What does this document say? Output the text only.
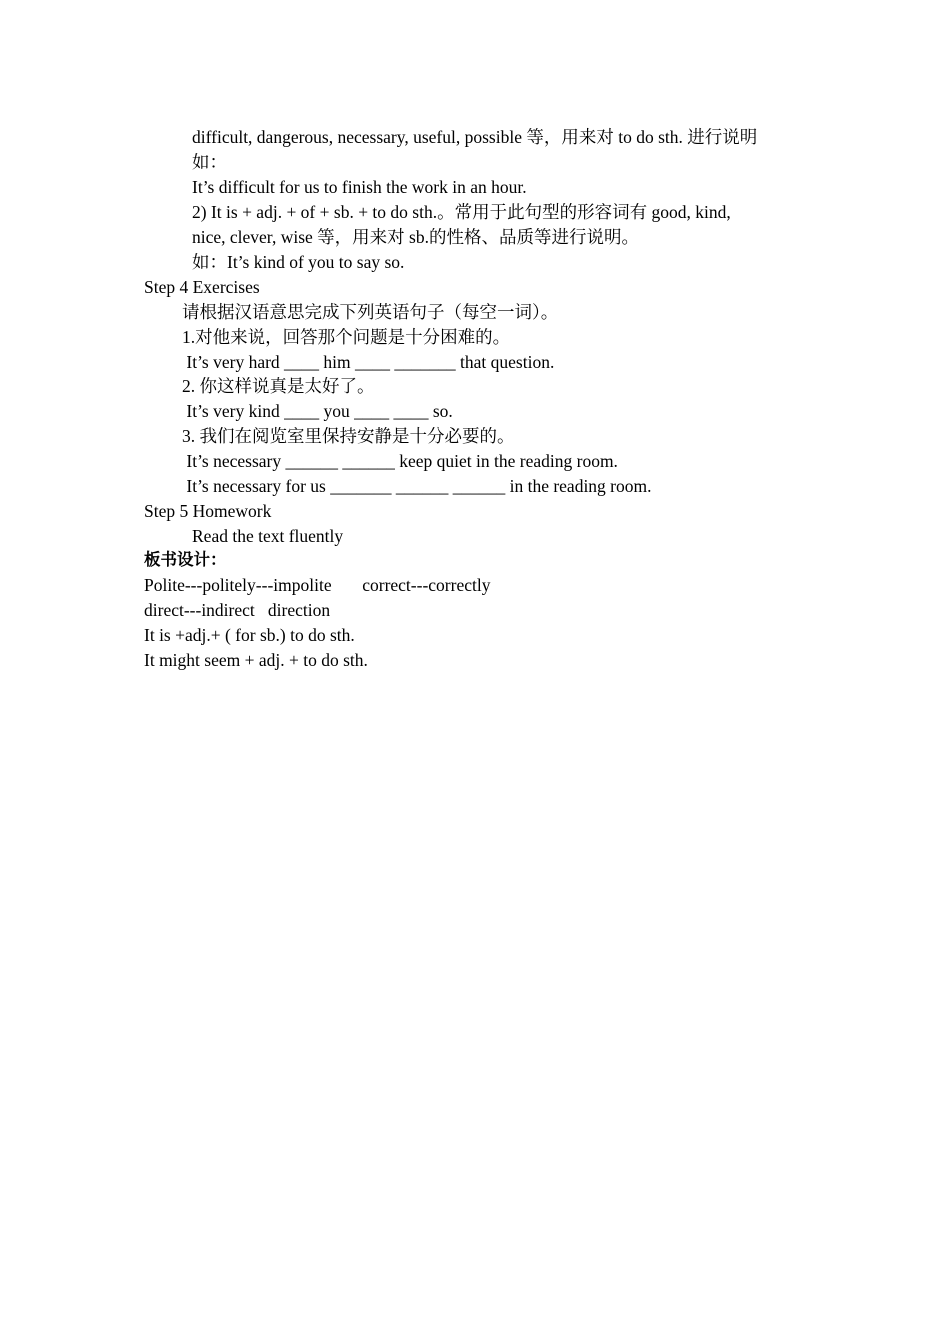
difficult, dangerous, necessary, useful, possible 等，用来对 to do sth. 进行说明
如：
It’s difficult for us to finish the work in an hour.
2) It is + adj. + of + sb. + to do sth.。常用于此句型的形容词有 good, kind,
nice, clever, wise 等，用来对 sb.的性格、品质等进行说明。
如：It’s kind of you to say so.
Step 4 Exercises
请根据汉语意思完成下列英语句子（每空一词）。
1.对他来说，回答那个问题是十分困难的。
It’s very hard ____ him ____ _______ that question.
2. 你这样说真是太好了。
It’s very kind ____ you ____ ____ so.
3. 我们在阅览室里保持安静是十分必要的。
It’s necessary ______ ______ keep quiet in the reading room.
It’s necessary for us _______ ______ ______ in the reading room.
Step 5 Homework
Read the text fluently
板书设计：
Polite---politely---impolite       correct---correctly
direct---indirect   direction
It is +adj.+ ( for sb.) to do sth.
It might seem + adj. + to do sth.
